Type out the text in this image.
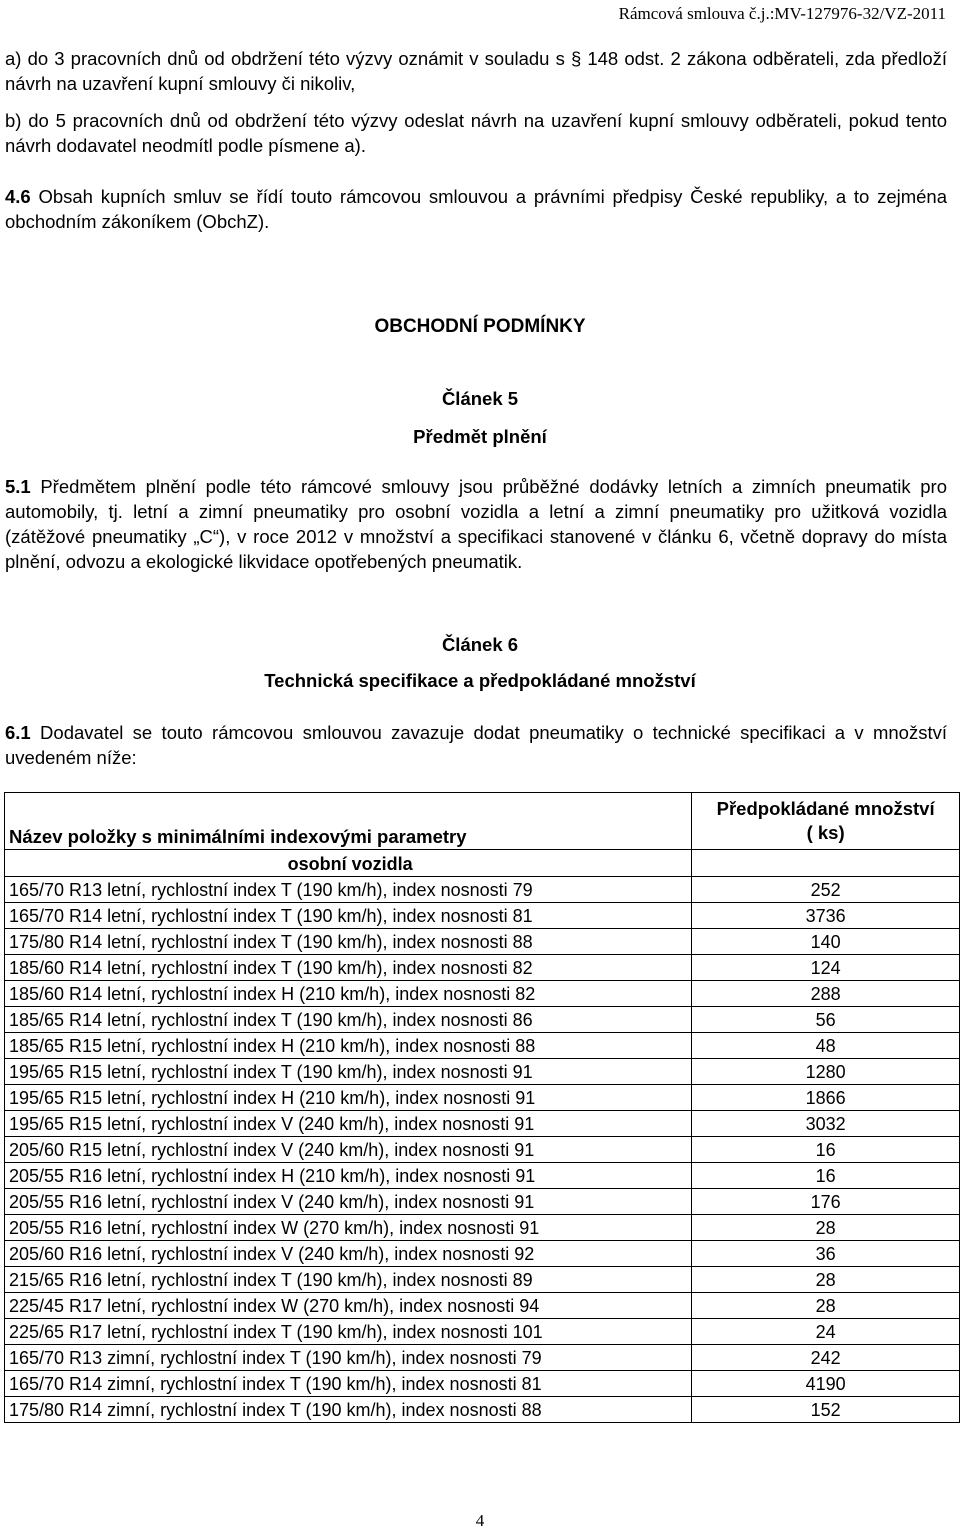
Rámcová smlouva č.j.:MV-127976-32/VZ-2011
a) do 3 pracovních dnů od obdržení této výzvy oznámit v souladu s § 148 odst. 2 zákona odběrateli, zda předloží návrh na uzavření kupní smlouvy či nikoliv,
b) do 5 pracovních dnů od obdržení této výzvy odeslat návrh na uzavření kupní smlouvy odběrateli, pokud tento návrh dodavatel neodmítl podle písmene a).
4.6 Obsah kupních smluv se řídí touto rámcovou smlouvou a právními předpisy České republiky, a to zejména obchodním zákoníkem (ObchZ).
OBCHODNÍ PODMÍNKY
Článek 5
Předmět plnění
5.1 Předmětem plnění podle této rámcové smlouvy jsou průběžné dodávky letních a zimních pneumatik pro automobily, tj. letní a zimní pneumatiky pro osobní vozidla a letní a zimní pneumatiky pro užitková vozidla (zátěžové pneumatiky „C“), v roce 2012 v množství a specifikaci stanovené v článku 6, včetně dopravy do místa plnění, odvozu a ekologické likvidace opotřebených pneumatik.
Článek 6
Technická specifikace a předpokládané množství
6.1 Dodavatel se touto rámcovou smlouvou zavazuje dodat pneumatiky o technické specifikaci a v množství uvedeném níže:
Název položky s minimálními indexovými parametry	Předpokládané množství
( ks)
osobní vozidla	
165/70 R13 letní, rychlostní index T (190 km/h), index nosnosti 79	252
165/70 R14 letní, rychlostní index T (190 km/h), index nosnosti 81	3736
175/80 R14 letní, rychlostní index T (190 km/h), index nosnosti 88	140
185/60 R14 letní, rychlostní index T (190 km/h), index nosnosti 82	124
185/60 R14 letní, rychlostní index H (210 km/h), index nosnosti 82	288
185/65 R14 letní, rychlostní index T (190 km/h), index nosnosti 86	56
185/65 R15 letní, rychlostní index H (210 km/h), index nosnosti 88	48
195/65 R15 letní, rychlostní index T (190 km/h), index nosnosti 91	1280
195/65 R15 letní, rychlostní index H (210 km/h), index nosnosti 91	1866
195/65 R15 letní, rychlostní index V (240 km/h), index nosnosti 91	3032
205/60 R15 letní, rychlostní index V (240 km/h), index nosnosti 91	16
205/55 R16 letní, rychlostní index H (210 km/h), index nosnosti 91	16
205/55 R16 letní, rychlostní index V (240 km/h), index nosnosti 91	176
205/55 R16 letní, rychlostní index W (270 km/h), index nosnosti 91	28
205/60 R16 letní, rychlostní index V (240 km/h), index nosnosti 92	36
215/65 R16 letní, rychlostní index T (190 km/h), index nosnosti 89	28
225/45 R17 letní, rychlostní index W (270 km/h), index nosnosti 94	28
225/65 R17 letní, rychlostní index T (190 km/h), index nosnosti 101	24
165/70 R13 zimní, rychlostní index T (190 km/h), index nosnosti 79	242
165/70 R14 zimní, rychlostní index T (190 km/h), index nosnosti 81	4190
175/80 R14 zimní, rychlostní index T (190 km/h), index nosnosti 88	152
4
